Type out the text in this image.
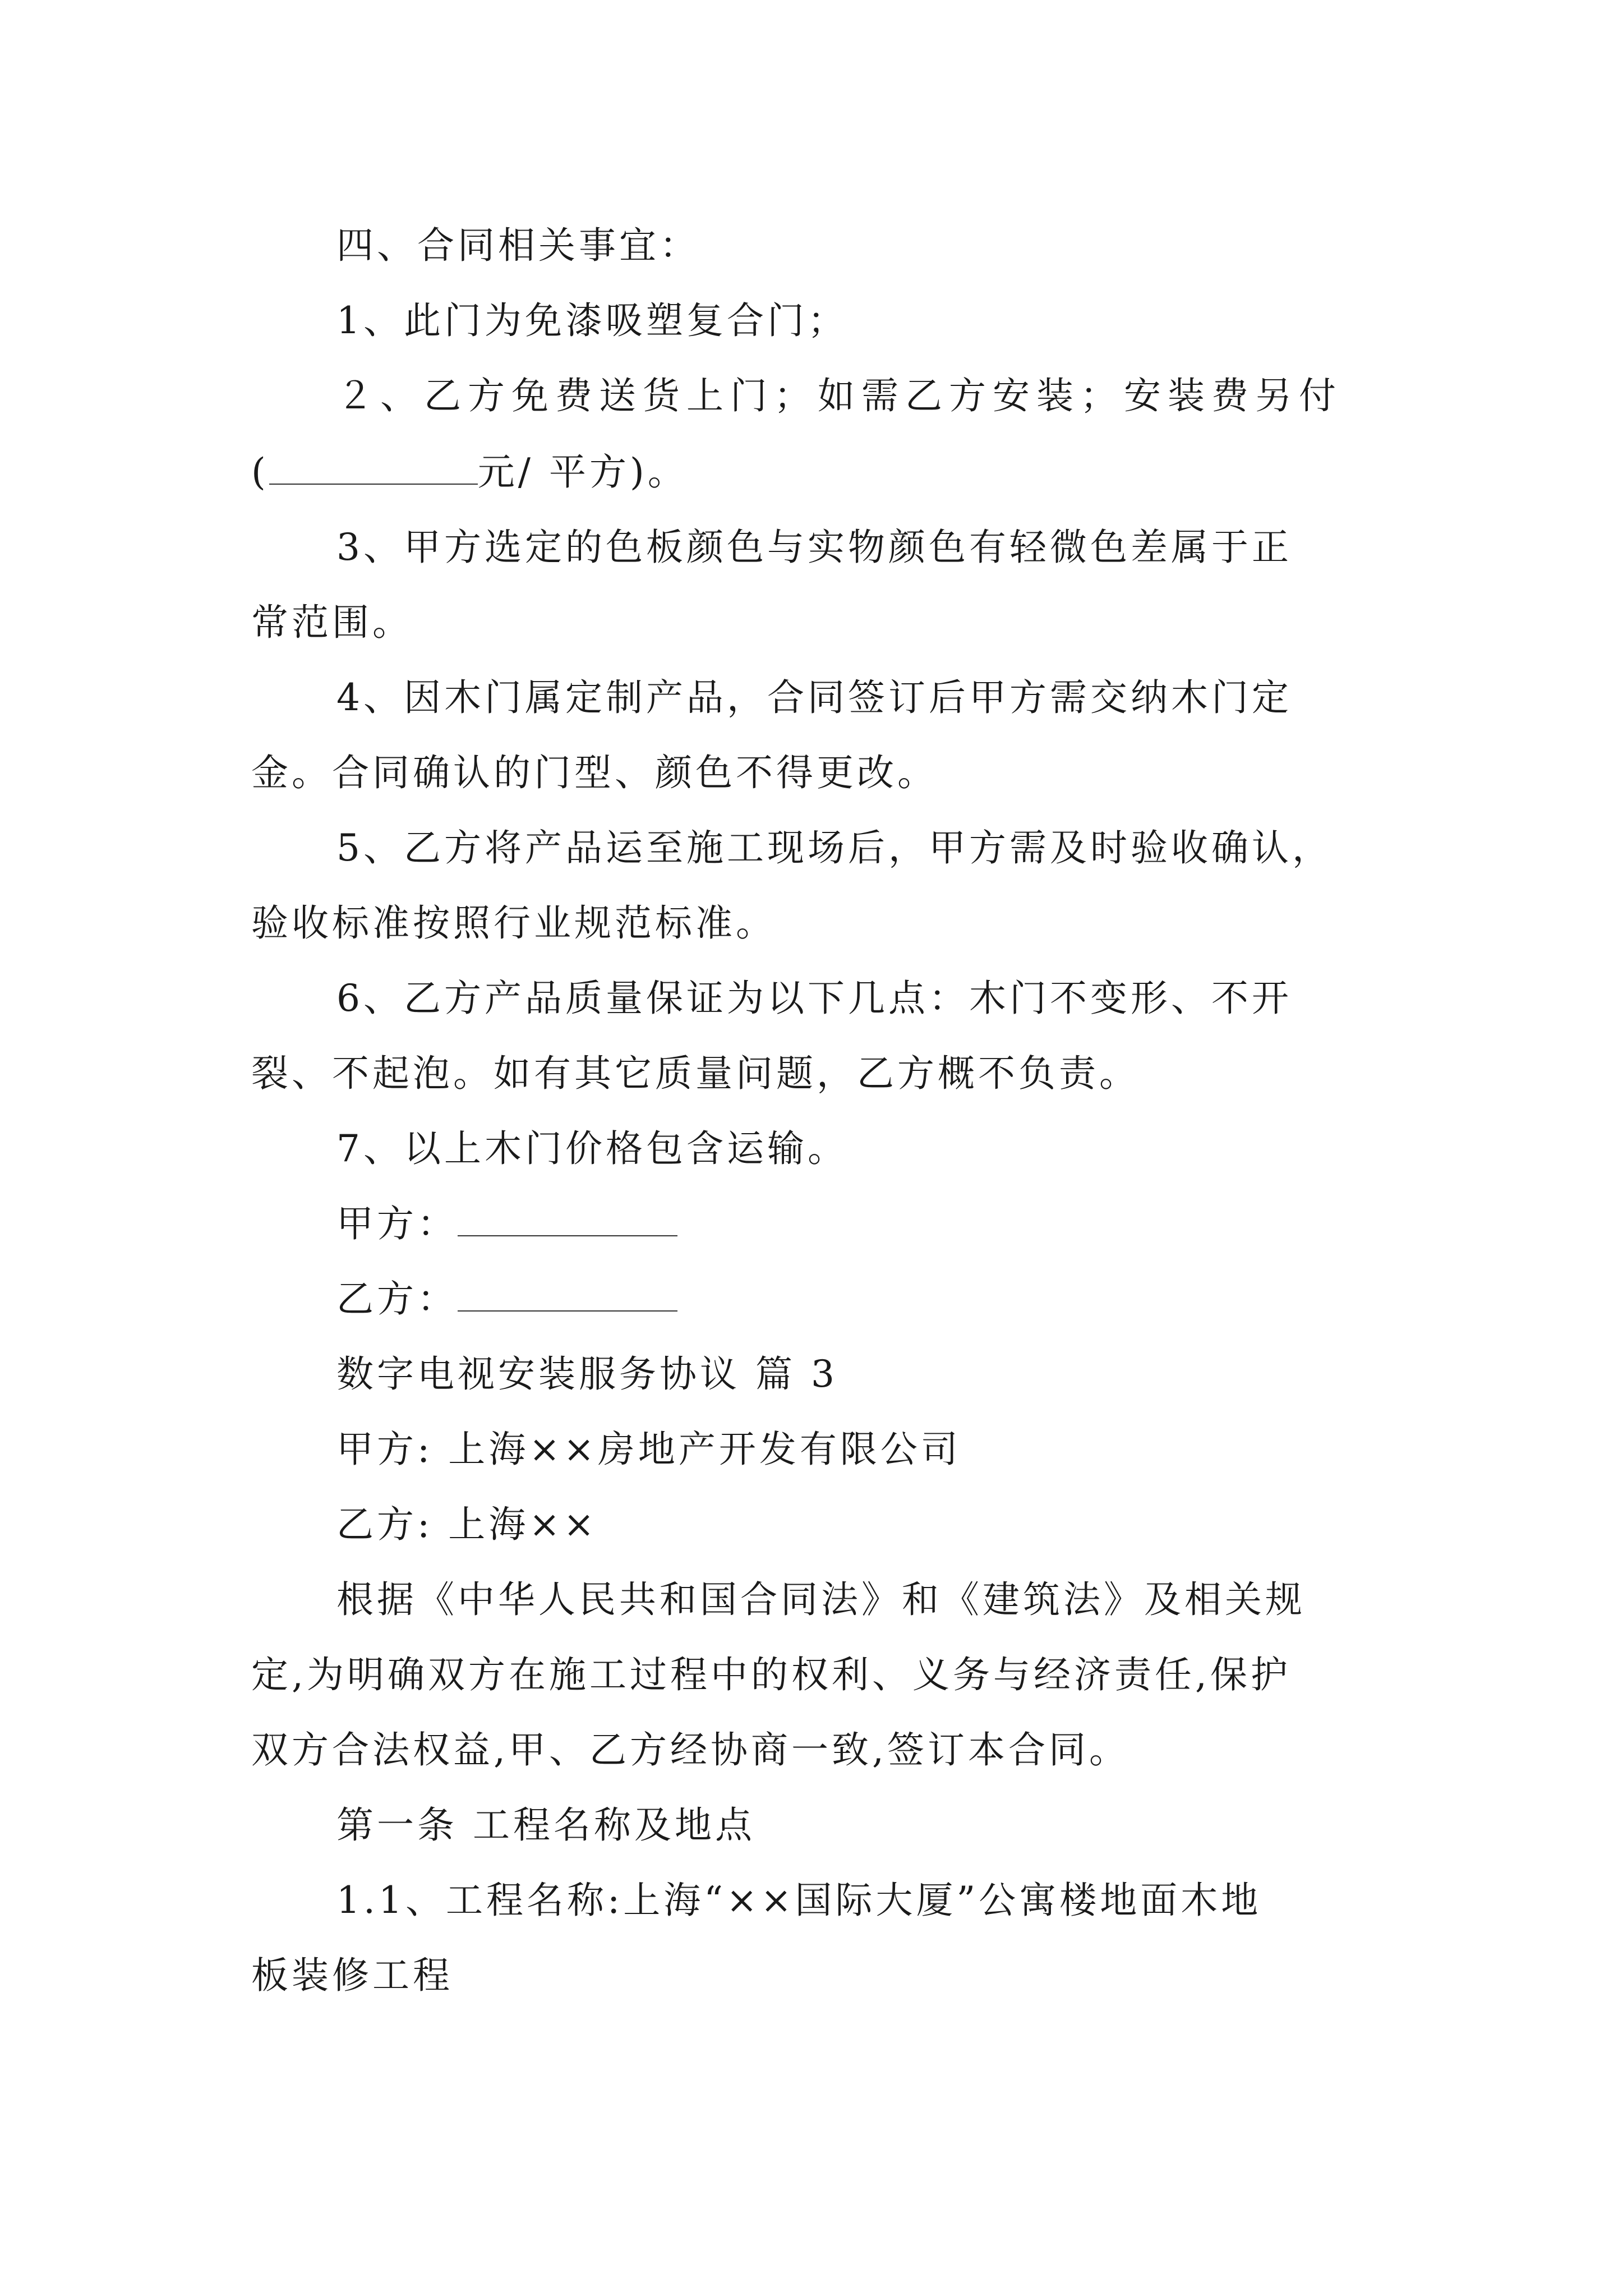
四、合同相关事宜：
1、此门为免漆吸塑复合门；
２、乙方免费送货上门；如需乙方安装；安装费另付
(	元/ 平方)。
3、甲方选定的色板颜色与实物颜色有轻微色差属于正
常范围。
4、因木门属定制产品，合同签订后甲方需交纳木门定
金。合同确认的门型、颜色不得更改。
5、乙方将产品运至施工现场后，甲方需及时验收确认，
验收标准按照行业规范标准。
6、乙方产品质量保证为以下几点：木门不变形、不开
裂、不起泡。如有其它质量问题，乙方概不负责。
7、以上木门价格包含运输。
甲方：
乙方：
数字电视安装服务协议 篇 3
甲方: 上海××房地产开发有限公司
乙方: 上海××
根据《中华人民共和国合同法》和《建筑法》及相关规
定,为明确双方在施工过程中的权利、义务与经济责任,保护
双方合法权益,甲、乙方经协商一致,签订本合同。
第一条 工程名称及地点
1.1、工程名称:上海“××国际大厦”公寓楼地面木地
板装修工程
